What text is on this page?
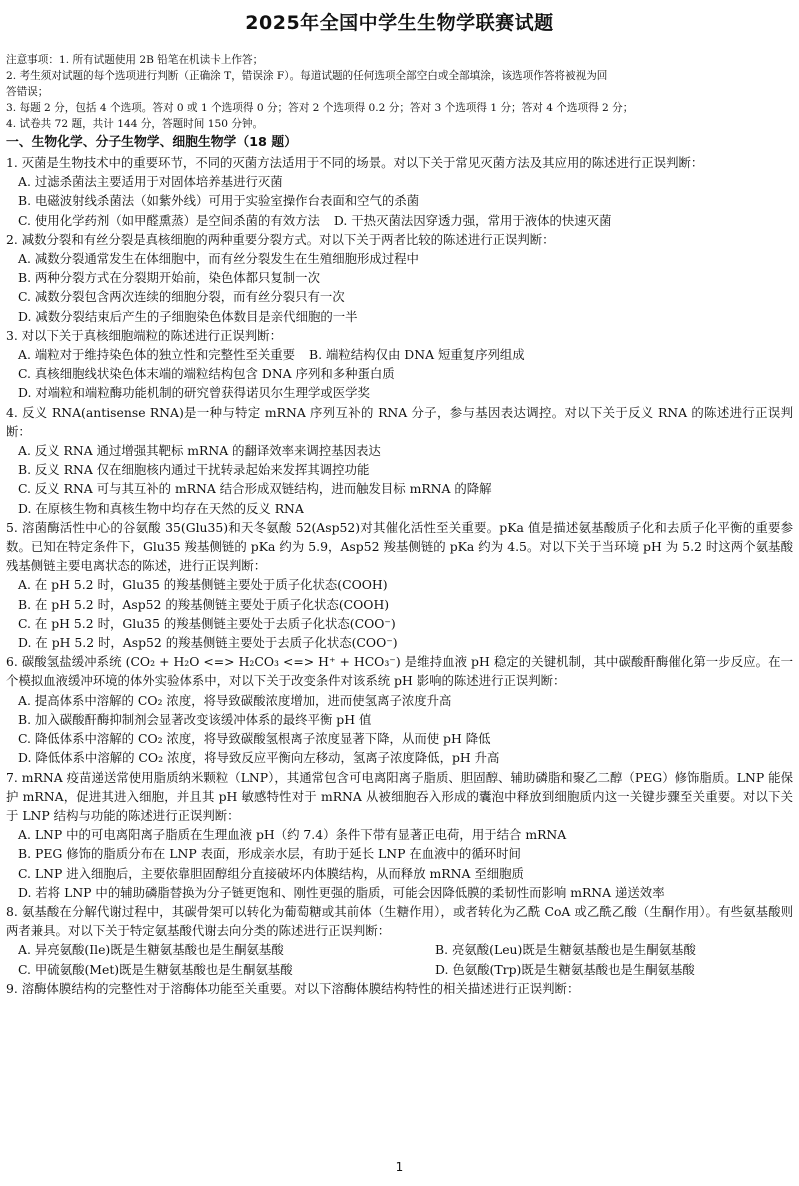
2025年全国中学生生物学联赛试题
注意事项：1. 所有试题使用 2B 铅笔在机读卡上作答；
2. 考生须对试题的每个选项进行判断（正确涂 T，错误涂 F）。每道试题的任何选项全部空白或全部填涂，该选项作答将被视为回
答错误；
3. 每题 2 分，包括 4 个选项。答对 0 或 1 个选项得 0 分；答对 2 个选项得 0.2 分；答对 3 个选项得 1 分；答对 4 个选项得 2 分；
4. 试卷共 72 题，共计 144 分，答题时间 150 分钟。
一、生物化学、分子生物学、细胞生物学（18 题）
1. 灭菌是生物技术中的重要环节，不同的灭菌方法适用于不同的场景。对以下关于常见灭菌方法及其应用的陈述进行正误判断：
A. 过滤杀菌法主要适用于对固体培养基进行灭菌
B. 电磁波射线杀菌法（如紫外线）可用于实验室操作台表面和空气的杀菌
C. 使用化学药剂（如甲醛熏蒸）是空间杀菌的有效方法 D. 干热灭菌法因穿透力强，常用于液体的快速灭菌
2. 减数分裂和有丝分裂是真核细胞的两种重要分裂方式。对以下关于两者比较的陈述进行正误判断：
A. 减数分裂通常发生在体细胞中，而有丝分裂发生在生殖细胞形成过程中
B. 两种分裂方式在分裂期开始前，染色体都只复制一次
C. 减数分裂包含两次连续的细胞分裂，而有丝分裂只有一次
D. 减数分裂结束后产生的子细胞染色体数目是亲代细胞的一半
3. 对以下关于真核细胞端粒的陈述进行正误判断：
A. 端粒对于维持染色体的独立性和完整性至关重要 B. 端粒结构仅由 DNA 短重复序列组成
C. 真核细胞线状染色体末端的端粒结构包含 DNA 序列和多种蛋白质
D. 对端粒和端粒酶功能机制的研究曾获得诺贝尔生理学或医学奖
4. 反义 RNA(antisense RNA)是一种与特定 mRNA 序列互补的 RNA 分子，参与基因表达调控。对以下关于反义 RNA 的陈述进行正误判断：
A. 反义 RNA 通过增强其靶标 mRNA 的翻译效率来调控基因表达
B. 反义 RNA 仅在细胞核内通过干扰转录起始来发挥其调控功能
C. 反义 RNA 可与其互补的 mRNA 结合形成双链结构，进而触发目标 mRNA 的降解
D. 在原核生物和真核生物中均存在天然的反义 RNA
5. 溶菌酶活性中心的谷氨酸 35(Glu35)和天冬氨酸 52(Asp52)对其催化活性至关重要。pKa 值是描述氨基酸质子化和去质子化平衡的重要参数。已知在特定条件下，Glu35 羧基侧链的 pKa 约为 5.9，Asp52 羧基侧链的 pKa 约为 4.5。对以下关于当环境 pH 为 5.2 时这两个氨基酸残基侧链主要电离状态的陈述，进行正误判断：
A. 在 pH 5.2 时，Glu35 的羧基侧链主要处于质子化状态(COOH)
B. 在 pH 5.2 时，Asp52 的羧基侧链主要处于质子化状态(COOH)
C. 在 pH 5.2 时，Glu35 的羧基侧链主要处于去质子化状态(COO⁻)
D. 在 pH 5.2 时，Asp52 的羧基侧链主要处于去质子化状态(COO⁻)
6. 碳酸氢盐缓冲系统 (CO₂ + H₂O <=> H₂CO₃ <=> H⁺ + HCO₃⁻) 是维持血液 pH 稳定的关键机制，其中碳酸酐酶催化第一步反应。在一个模拟血液缓冲环境的体外实验体系中，对以下关于改变条件对该系统 pH 影响的陈述进行正误判断：
A. 提高体系中溶解的 CO₂ 浓度，将导致碳酸浓度增加，进而使氢离子浓度升高
B. 加入碳酸酐酶抑制剂会显著改变该缓冲体系的最终平衡 pH 值
C. 降低体系中溶解的 CO₂ 浓度，将导致碳酸氢根离子浓度显著下降，从而使 pH 降低
D. 降低体系中溶解的 CO₂ 浓度，将导致反应平衡向左移动，氢离子浓度降低，pH 升高
7. mRNA 疫苗递送常使用脂质纳米颗粒（LNP），其通常包含可电离阳离子脂质、胆固醇、辅助磷脂和聚乙二醇（PEG）修饰脂质。LNP 能保护 mRNA，促进其进入细胞，并且其 pH 敏感特性对于 mRNA 从被细胞吞入形成的囊泡中释放到细胞质内这一关键步骤至关重要。对以下关于 LNP 结构与功能的陈述进行正误判断：
A. LNP 中的可电离阳离子脂质在生理血液 pH（约 7.4）条件下带有显著正电荷，用于结合 mRNA
B. PEG 修饰的脂质分布在 LNP 表面，形成亲水层，有助于延长 LNP 在血液中的循环时间
C. LNP 进入细胞后，主要依靠胆固醇组分直接破坏内体膜结构，从而释放 mRNA 至细胞质
D. 若将 LNP 中的辅助磷脂替换为分子链更饱和、刚性更强的脂质，可能会因降低膜的柔韧性而影响 mRNA 递送效率
8. 氨基酸在分解代谢过程中，其碳骨架可以转化为葡萄糖或其前体（生糖作用），或者转化为乙酰 CoA 或乙酰乙酸（生酮作用）。有些氨基酸则两者兼具。对以下关于特定氨基酸代谢去向分类的陈述进行正误判断：
A. 异亮氨酸(Ile)既是生糖氨基酸也是生酮氨基酸	B. 亮氨酸(Leu)既是生糖氨基酸也是生酮氨基酸
C. 甲硫氨酸(Met)既是生糖氨基酸也是生酮氨基酸	D. 色氨酸(Trp)既是生糖氨基酸也是生酮氨基酸
9. 溶酶体膜结构的完整性对于溶酶体功能至关重要。对以下溶酶体膜结构特性的相关描述进行正误判断：
1
